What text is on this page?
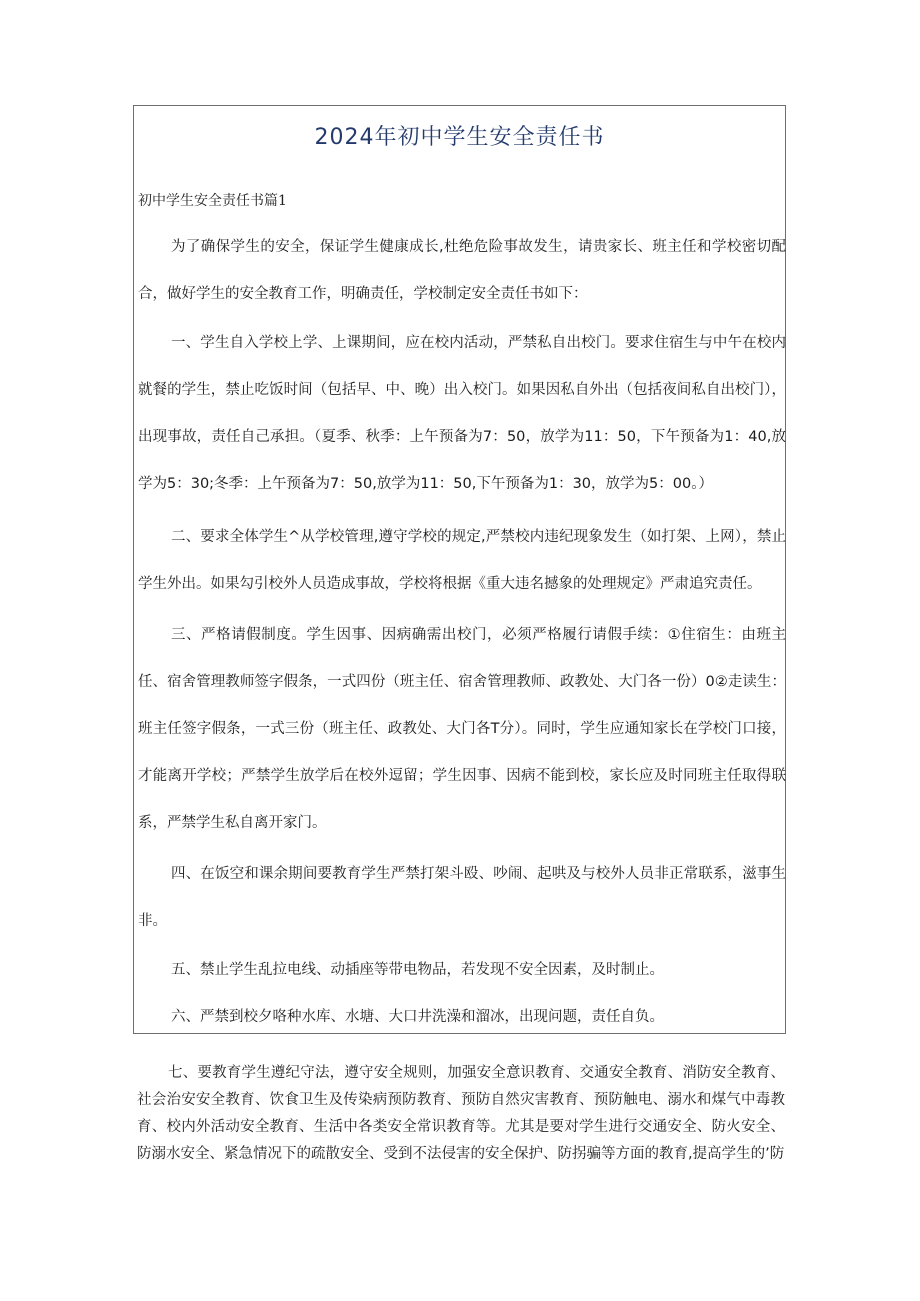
2024年初中学生安全责任书
初中学生安全责任书篇1

为了确保学生的安全，保证学生健康成长,杜绝危险事故发生，请贵家长、班主任和学校密切配合，做好学生的安全教育工作，明确责任，学校制定安全责任书如下：

一、学生自入学校上学、上课期间，应在校内活动，严禁私自出校门。要求住宿生与中午在校内就餐的学生，禁止吃饭时间（包括早、中、晚）出入校门。如果因私自外出（包括夜间私自出校门），出现事故，责任自己承担。（夏季、秋季：上午预备为7：50，放学为11：50，下午预备为1：40,放学为5：30;冬季：上午预备为7：50,放学为11：50,下午预备为1：30，放学为5：00。）

二、要求全体学生^从学校管理,遵守学校的规定,严禁校内违纪现象发生（如打架、上网），禁止学生外出。如果勾引校外人员造成事故，学校将根据《重大违名撼象的处理规定》严肃追究责任。

三、严格请假制度。学生因事、因病确需出校门，必须严格履行请假手续：①住宿生：由班主任、宿舍管理教师签字假条，一式四份（班主任、宿舍管理教师、政教处、大门各一份）0②走读生：班主任签字假条，一式三份（班主任、政教处、大门各T分）。同时，学生应通知家长在学校门口接，才能离开学校；严禁学生放学后在校外逗留；学生因事、因病不能到校，家长应及时同班主任取得联系，严禁学生私自离开家门。

四、在饭空和课余期间要教育学生严禁打架斗殴、吵闹、起哄及与校外人员非正常联系，滋事生非。

五、禁止学生乱拉电线、动插座等带电物品，若发现不安全因素，及时制止。

六、严禁到校夕咯种水库、水塘、大口井洗澡和溜冰，出现问题，责任自负。

七、要教育学生遵纪守法，遵守安全规则，加强安全意识教育、交通安全教育、消防安全教育、社会治安安全教育、饮食卫生及传染病预防教育、预防自然灾害教育、预防触电、溺水和煤气中毒教育、校内外活动安全教育、生活中各类安全常识教育等。尤其是要对学生进行交通安全、防火安全、防溺水安全、紧急情况下的疏散安全、受到不法侵害的安全保护、防拐骗等方面的教育,提高学生的’防
